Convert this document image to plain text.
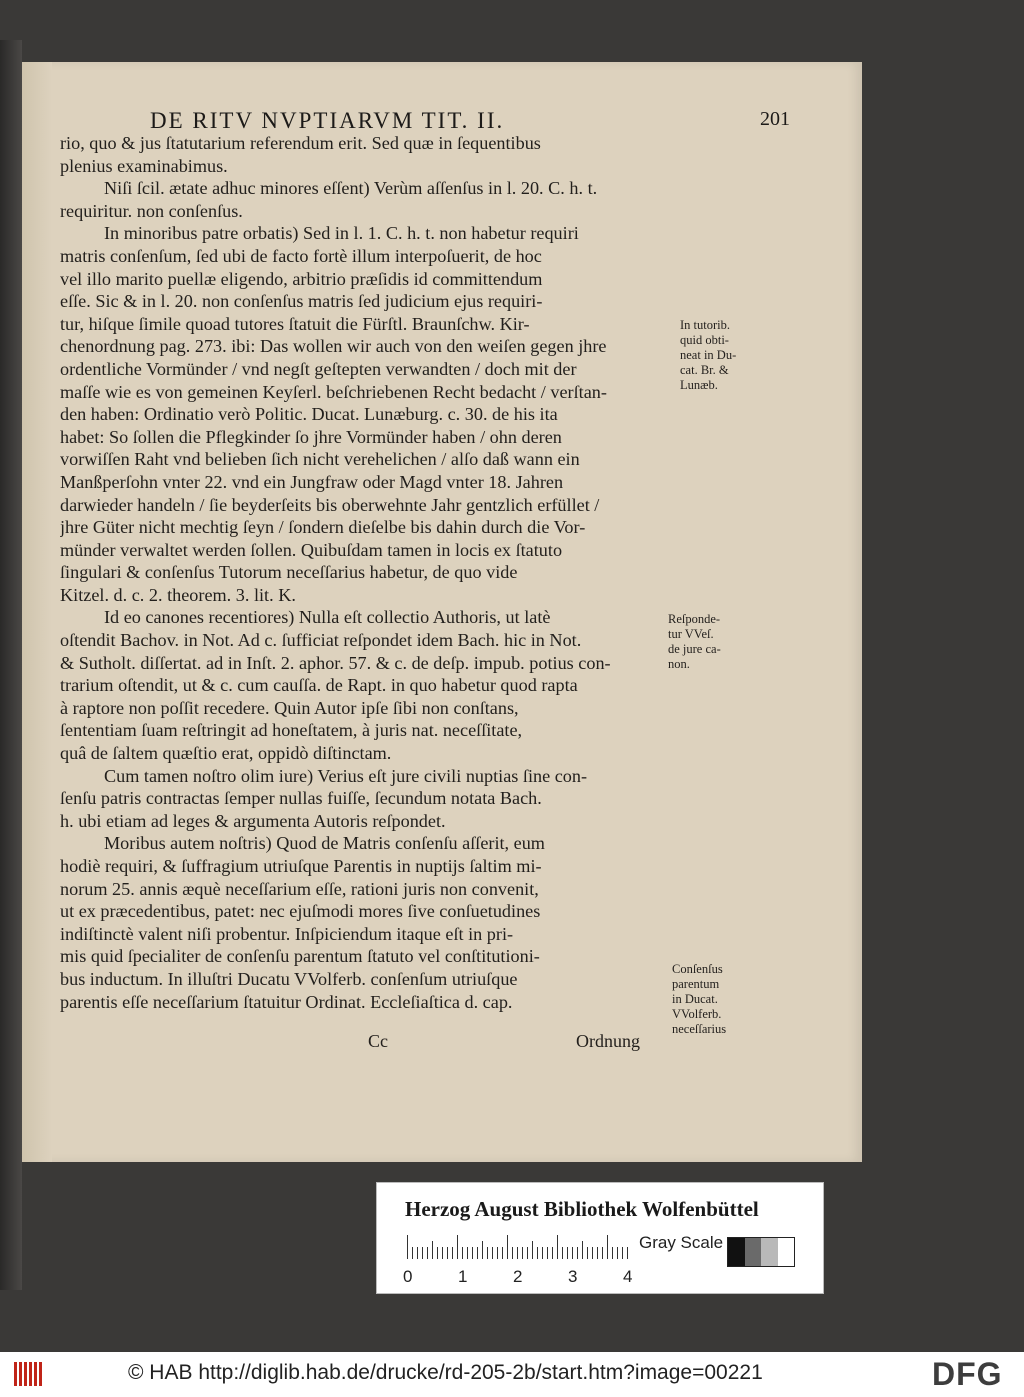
DE RITV NVPTIARVM TIT. II.	201
rio, quo & jus ſtatutarium referendum erit. Sed quæ in ſequentibus
plenius examinabimus.
Niſi ſcil. ætate adhuc minores eſſent) Verùm aſſenſus in l. 20. C. h. t.
requiritur. non conſenſus.
In minoribus patre orbatis) Sed in l. 1. C. h. t. non habetur requiri
matris conſenſum, ſed ubi de facto fortè illum interpoſuerit, de hoc
vel illo marito puellæ eligendo, arbitrio præſidis id committendum
eſſe. Sic & in l. 20. non conſenſus matris ſed judicium ejus requiri-
tur, hiſque ſimile quoad tutores ſtatuit die Fürſtl. Braunſchw. Kir-
chenordnung pag. 273. ibi: Das wollen wir auch von den weiſen gegen jhre
ordentliche Vormünder / vnd negſt geſtepten verwandten / doch mit der
maſſe wie es von gemeinen Keyſerl. beſchriebenen Recht bedacht / verſtan-
den haben: Ordinatio verò Politic. Ducat. Lunæburg. c. 30. de his ita
habet: So ſollen die Pflegkinder ſo jhre Vormünder haben / ohn deren
vorwiſſen Raht vnd belieben ſich nicht verehelichen / alſo daß wann ein
Manßperſohn vnter 22. vnd ein Jungfraw oder Magd vnter 18. Jahren
darwieder handeln / ſie beyderſeits bis oberwehnte Jahr gentzlich erfüllet /
jhre Güter nicht mechtig ſeyn / ſondern dieſelbe bis dahin durch die Vor-
münder verwaltet werden ſollen. Quibuſdam tamen in locis ex ſtatuto
ſingulari & conſenſus Tutorum neceſſarius habetur, de quo vide
Kitzel. d. c. 2. theorem. 3. lit. K.
Id eo canones recentiores) Nulla eſt collectio Authoris, ut latè
oſtendit Bachov. in Not. Ad c. ſufficiat reſpondet idem Bach. hic in Not.
& Sutholt. diſſertat. ad in Inſt. 2. aphor. 57. & c. de deſp. impub. potius con-
trarium oſtendit, ut & c. cum cauſſa. de Rapt. in quo habetur quod rapta
à raptore non poſſit recedere. Quin Autor ipſe ſibi non conſtans,
ſententiam ſuam reſtringit ad honeſtatem, à juris nat. neceſſitate,
quâ de ſaltem quæſtio erat, oppidò diſtinctam.
Cum tamen noſtro olim iure) Verius eſt jure civili nuptias ſine con-
ſenſu patris contractas ſemper nullas fuiſſe, ſecundum notata Bach.
h. ubi etiam ad leges & argumenta Autoris reſpondet.
Moribus autem noſtris) Quod de Matris conſenſu aſſerit, eum
hodiè requiri, & ſuffragium utriuſque Parentis in nuptijs ſaltim mi-
norum 25. annis æquè neceſſarium eſſe, rationi juris non convenit,
ut ex præcedentibus, patet: nec ejuſmodi mores ſive conſuetudines
indiſtinctè valent niſi probentur. Inſpiciendum itaque eſt in pri-
mis quid ſpecialiter de conſenſu parentum ſtatuto vel conſtitutioni-
bus inductum. In illuſtri Ducatu VVolferb. conſenſum utriuſque
parentis eſſe neceſſarium ſtatuitur Ordinat. Eccleſiaſtica d. cap.
In tutorib.
quid obti-
neat in Du-
cat. Br. &
Lunæb.
Reſponde-
tur VVeſ.
de jure ca-
non.
Conſenſus
parentum
in Ducat.
VVolferb.
neceſſarius
Cc	Ordnung
Herzog August Bibliothek Wolfenbüttel
Gray Scale
0	1	2	3	4
© HAB http://diglib.hab.de/drucke/rd-205-2b/start.htm?image=00221	DFG
